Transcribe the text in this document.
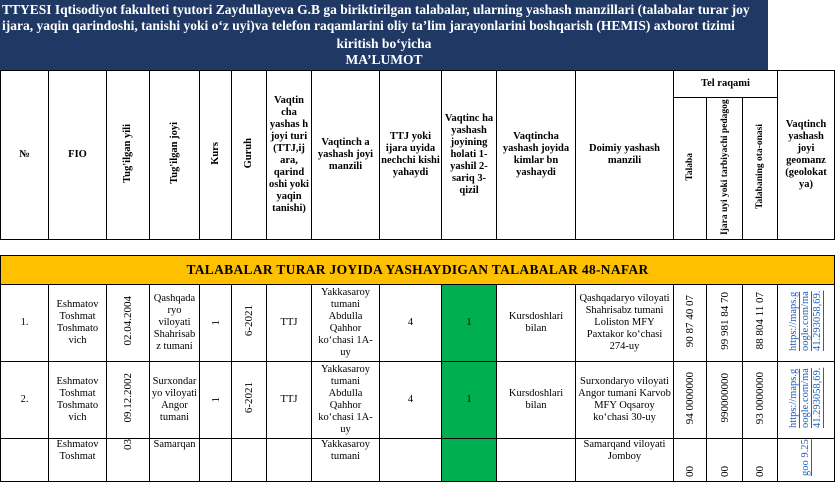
TTYESI Iqtisodiyot fakulteti tyutori Zaydullayeva G.B ga biriktirilgan talabalar, ularning yashash manzillari (talabalar turar joy
ijara, yaqin qarindoshi, tanishi yoki o‘z uyi)va telefon raqamlarini oliy ta’lim jarayonlarini boshqarish (HEMIS) axborot tizimi
kiritish bo‘yicha
MA’LUMOT
№	FIO	Tug'ilgan yili	Tug'ilgan joyi	Kurs	Guruh	Vaqtin cha yashas h joyi turi (TTJ,ij ara, qarind oshi yoki yaqin tanishi)	Vaqtinch a yashash joyi manzili	TTJ yoki ijara uyida nechchi kishi yahaydi	Vaqtinc ha yashash joyining holati 1-yashil 2-sariq 3-qizil	Vaqtincha yashash joyida kimlar bn yashaydi	Doimiy yashash manzili	Tel raqami			Vaqtinch yashash joyi geomanz (geolokat ya)
												Talaba	Ijara uyi yoki tarbiyachi pedagog	Talabaning ota-onasi	

TALABALAR TURAR JOYIDA YASHAYDIGAN TALABALAR 48-NAFAR															
1.	Eshmatov Toshmat Toshmato vich	02.04.2004	Qashqada ryo viloyati Shahrisab z tumani	1	6-2021	TTJ	Yakkasaroy tumani Abdulla Qahhor ko‘chasi 1A-uy	4	1	Kursdoshlari bilan	Qashqadaryo viloyati Shahrisabz tumani Loliston MFY Paxtakor ko‘chasi 274-uy	90 87 40 07	99 981 84 70	88 804 11 07	https://maps.g oogle.com/ma 41.293058,69.
2.	Eshmatov Toshmat Toshmato vich	09.12.2002	Surxondar yo viloyati Angor tumani	1	6-2021	TTJ	Yakkasaroy tumani Abdulla Qahhor ko‘chasi 1A-uy	4	1	Kursdoshlari bilan	Surxondaryo viloyati Angor tumani Karvob MFY Oqsaroy ko‘chasi 30-uy	94 0000000	990000000	93 0000000	https://maps.g oogle.com/ma 41.293058,69.
	Eshmatov Toshmat	03	Samarqan				Yakkasaroy tumani				Samarqand viloyati Jomboy	00	00	00	goo 9.25
